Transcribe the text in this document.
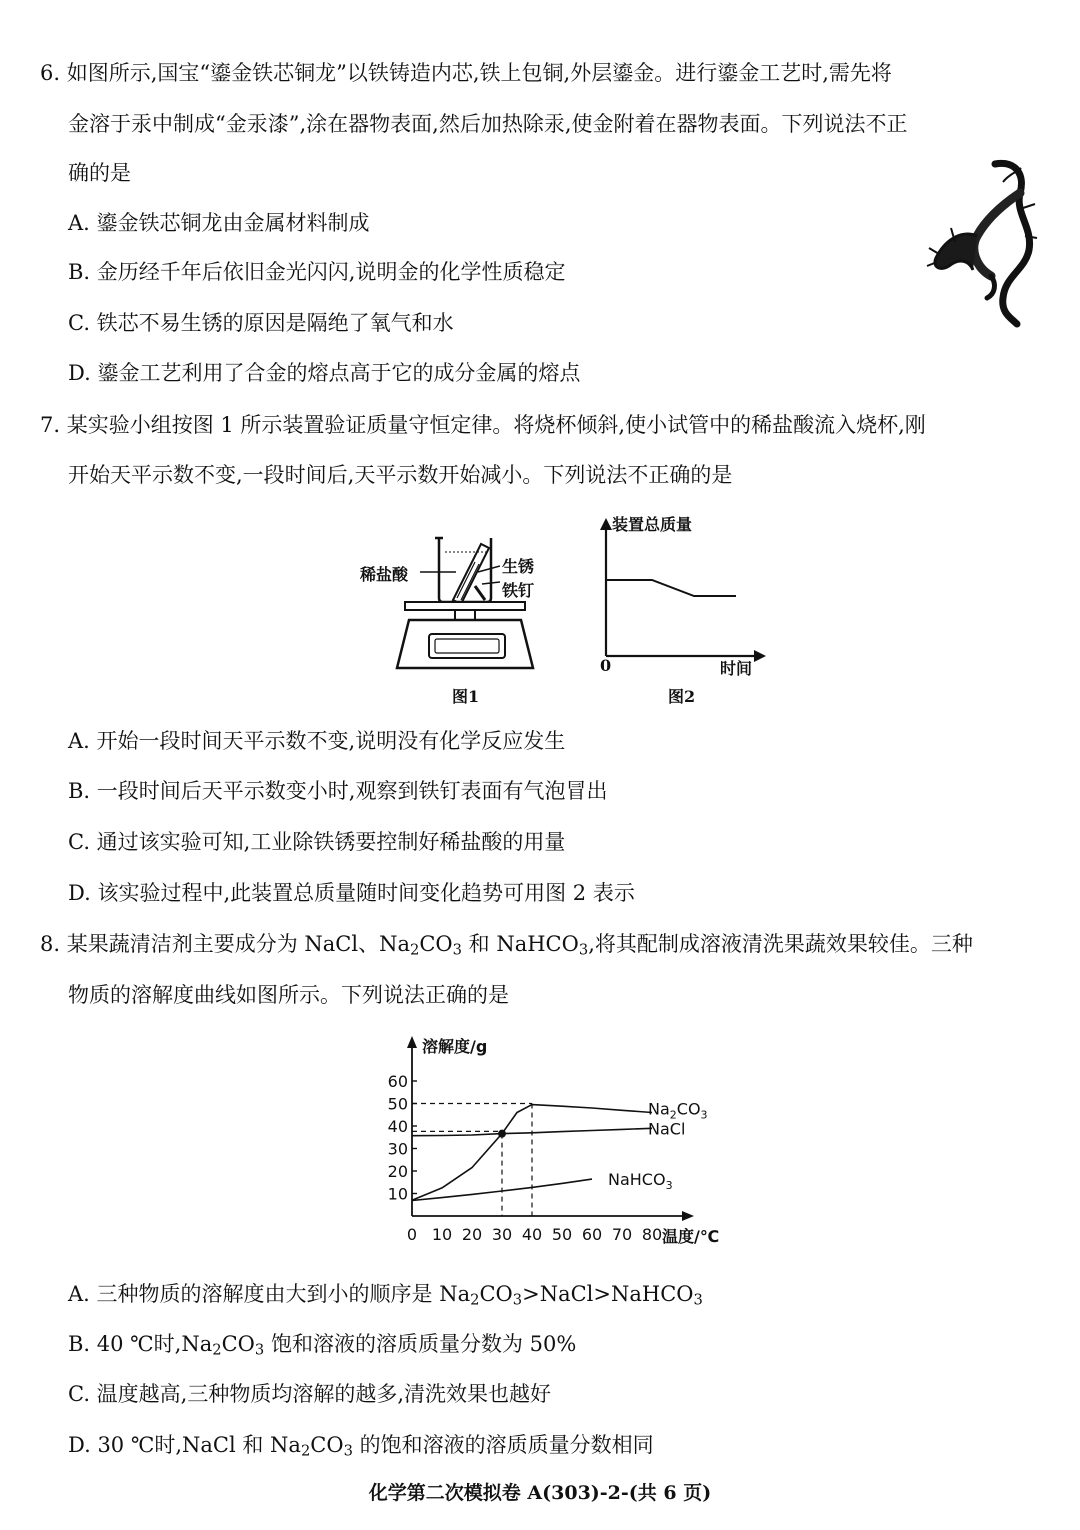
6. 如图所示,国宝“鎏金铁芯铜龙”以铁铸造内芯,铁上包铜,外层鎏金。进行鎏金工艺时,需先将
金溶于汞中制成“金汞漆”,涂在器物表面,然后加热除汞,使金附着在器物表面。下列说法不正
确的是
A. 鎏金铁芯铜龙由金属材料制成
B. 金历经千年后依旧金光闪闪,说明金的化学性质稳定
C. 铁芯不易生锈的原因是隔绝了氧气和水
D. 鎏金工艺利用了合金的熔点高于它的成分金属的熔点
7. 某实验小组按图 1 所示装置验证质量守恒定律。将烧杯倾斜,使小试管中的稀盐酸流入烧杯,刚
开始天平示数不变,一段时间后,天平示数开始减小。下列说法不正确的是
稀盐酸	生锈
铁钉
图1
装置总质量
0	时间
图2
A. 开始一段时间天平示数不变,说明没有化学反应发生
B. 一段时间后天平示数变小时,观察到铁钉表面有气泡冒出
C. 通过该实验可知,工业除铁锈要控制好稀盐酸的用量
D. 该实验过程中,此装置总质量随时间变化趋势可用图 2 表示
8. 某果蔬清洁剂主要成分为 NaCl、$Na_2CO_3$ 和 NaHCO$_3$,将其配制成溶液清洗果蔬效果较佳。三种
物质的溶解度曲线如图所示。下列说法正确的是
10
20
30
40
50
60
0 10 20 30 40 50 60 70 80
溶解度/g
温度/℃
$Na_2CO_3$
NaCl
NaHCO$_3$
A. 三种物质的溶解度由大到小的顺序是 $Na_2CO_3>NaCl>NaHCO_3$
B. 40 ℃时$,Na_2CO_3$ 饱和溶液的溶质质量分数为 50%
C. 温度越高,三种物质均溶解的越多,清洗效果也越好
D. 30 ℃时,NaCl 和 $Na_2CO_3$ 的饱和溶液的溶质质量分数相同
化学第二次模拟卷 A(303)-2-(共 6 页)
